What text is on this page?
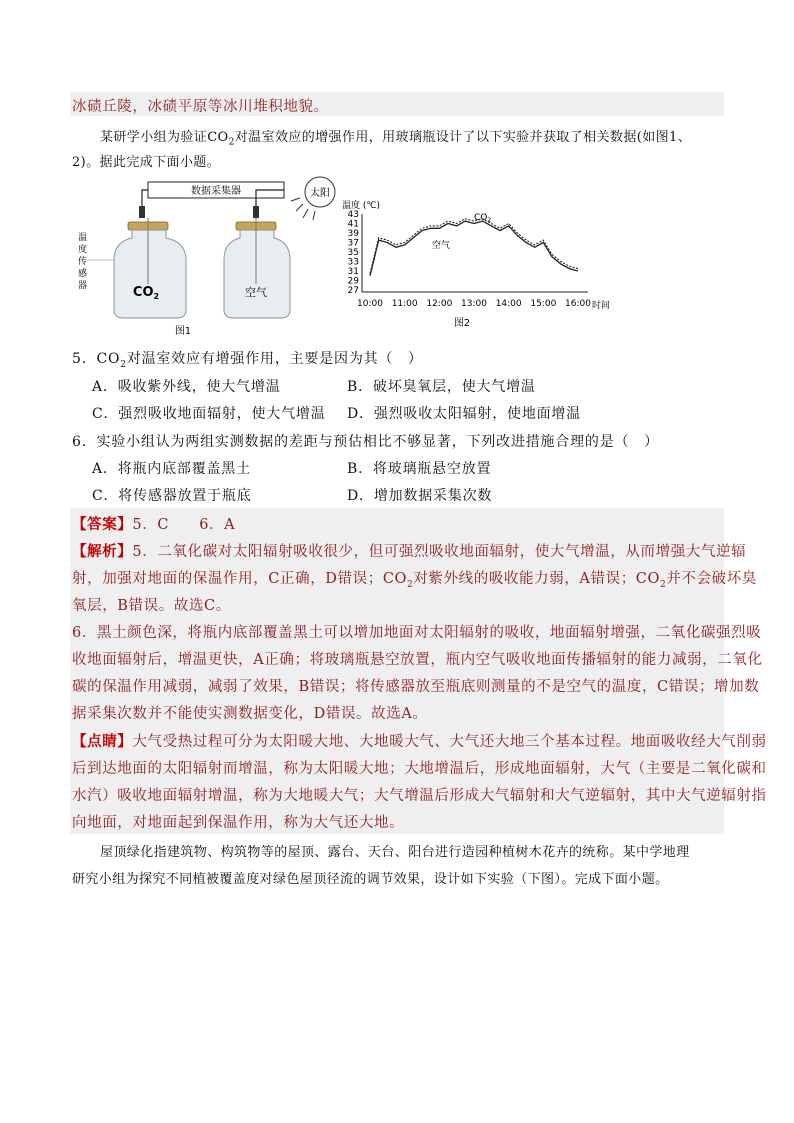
冰碛丘陵，冰碛平原等冰川堆积地貌。
某研学小组为验证$CO_2$对温室效应的增强作用，用玻璃瓶设计了以下实验并获取了相关数据(如图1、
2)。据此完成下面小题。
数据采集器	太阳
$CO_2$	空气
温
度
传
感
器
图1
温度 (℃)
43
41
39
37
35
33
31
29
27
10:00 11:00 12:00 13:00 14:00 15:00 16:00 时间
$CO_2$
空气
图2
5．$CO_2$对温室效应有增强作用，主要是因为其（　）
A．吸收紫外线，使大气增温	B．破坏臭氧层，使大气增温
C．强烈吸收地面辐射，使大气增温 D．强烈吸收太阳辐射，使地面增温
6．实验小组认为两组实测数据的差距与预估相比不够显著，下列改进措施合理的是（　）
A．将瓶内底部覆盖黑土	B．将玻璃瓶悬空放置
C．将传感器放置于瓶底	D．增加数据采集次数
【答案】5．C　　6．A
【解析】5．二氧化碳对太阳辐射吸收很少，但可强烈吸收地面辐射，使大气增温，从而增强大气逆辐
射，加强对地面的保温作用，C正确，D错误；$CO_2$对紫外线的吸收能力弱，A错误；$CO_2$并不会破坏臭
氧层，B错误。故选C。
6．黑土颜色深，将瓶内底部覆盖黑土可以增加地面对太阳辐射的吸收，地面辐射增强，二氧化碳强烈吸
收地面辐射后，增温更快，A正确；将玻璃瓶悬空放置，瓶内空气吸收地面传播辐射的能力减弱，二氧化
碳的保温作用减弱，减弱了效果，B错误；将传感器放至瓶底则测量的不是空气的温度，C错误；增加数
据采集次数并不能使实测数据变化，D错误。故选A。
【点睛】大气受热过程可分为太阳暖大地、大地暖大气、大气还大地三个基本过程。地面吸收经大气削弱
后到达地面的太阳辐射而增温，称为太阳暖大地；大地增温后，形成地面辐射，大气（主要是二氧化碳和
水汽）吸收地面辐射增温，称为大地暖大气；大气增温后形成大气辐射和大气逆辐射，其中大气逆辐射指
向地面，对地面起到保温作用，称为大气还大地。
屋顶绿化指建筑物、构筑物等的屋顶、露台、天台、阳台进行造园种植树木花卉的统称。某中学地理
研究小组为探究不同植被覆盖度对绿色屋顶径流的调节效果，设计如下实验（下图）。完成下面小题。
